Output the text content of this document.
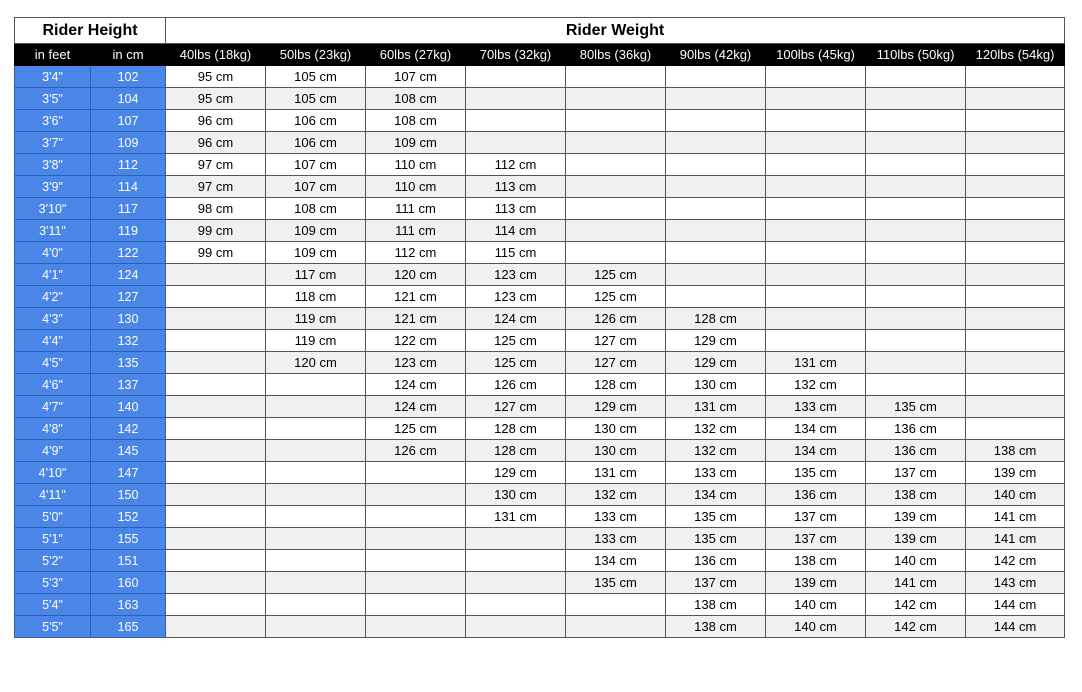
Rider Height		Rider Weight								
in feet	in cm	40lbs (18kg)	50lbs (23kg)	60lbs (27kg)	70lbs (32kg)	80lbs (36kg)	90lbs (42kg)	100lbs (45kg)	110lbs (50kg)	120lbs (54kg)
3'4"	102	95 cm	105 cm	107 cm						
3'5"	104	95 cm	105 cm	108 cm						
3'6"	107	96 cm	106 cm	108 cm						
3'7"	109	96 cm	106 cm	109 cm						
3'8"	112	97 cm	107 cm	110 cm	112 cm					
3'9"	114	97 cm	107 cm	110 cm	113 cm					
3'10"	117	98 cm	108 cm	111 cm	113 cm					
3'11"	119	99 cm	109 cm	111 cm	114 cm					
4'0"	122	99 cm	109 cm	112 cm	115 cm					
4'1"	124		117 cm	120 cm	123 cm	125 cm				
4'2"	127		118 cm	121 cm	123 cm	125 cm				
4'3"	130		119 cm	121 cm	124 cm	126 cm	128 cm			
4'4"	132		119 cm	122 cm	125 cm	127 cm	129 cm			
4'5"	135		120 cm	123 cm	125 cm	127 cm	129 cm	131 cm		
4'6"	137			124 cm	126 cm	128 cm	130 cm	132 cm		
4'7"	140			124 cm	127 cm	129 cm	131 cm	133 cm	135 cm	
4'8"	142			125 cm	128 cm	130 cm	132 cm	134 cm	136 cm	
4'9"	145			126 cm	128 cm	130 cm	132 cm	134 cm	136 cm	138 cm
4'10"	147				129 cm	131 cm	133 cm	135 cm	137 cm	139 cm
4'11"	150				130 cm	132 cm	134 cm	136 cm	138 cm	140 cm
5'0"	152				131 cm	133 cm	135 cm	137 cm	139 cm	141 cm
5'1"	155					133 cm	135 cm	137 cm	139 cm	141 cm
5'2"	151					134 cm	136 cm	138 cm	140 cm	142 cm
5'3"	160					135 cm	137 cm	139 cm	141 cm	143 cm
5'4"	163						138 cm	140 cm	142 cm	144 cm
5'5"	165						138 cm	140 cm	142 cm	144 cm
